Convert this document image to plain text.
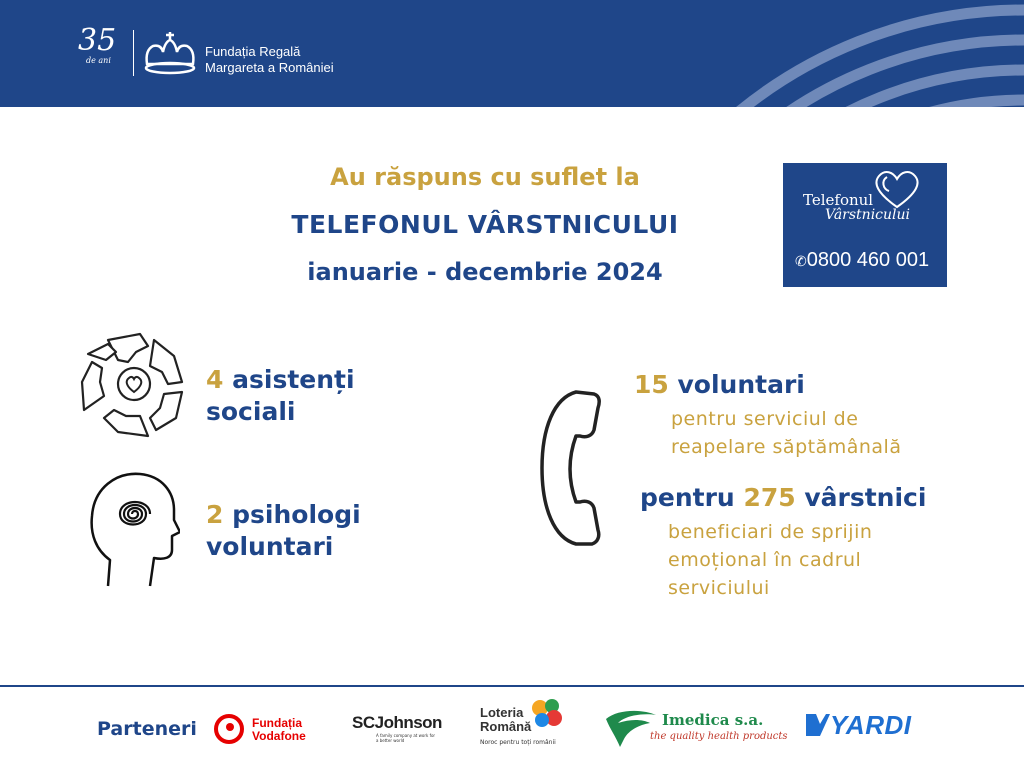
35
de ani
Fundația Regală
Margareta a României
Au răspuns cu suflet la
TELEFONUL VÂRSTNICULUI
ianuarie - decembrie 2024
Telefonul
Vârstnicului
✆0800 460 001
4 asistenți
sociali
2 psihologi
voluntari
15 voluntari
pentru serviciul de
reapelare săptămânală
pentru 275 vârstnici
beneficiari de sprijin
emoțional în cadrul
serviciului
Parteneri	Fundația
Vodafone
SCJohnson
A family company at work for a better world
Loteria
Română
Noroc pentru toți românii
Imedica s.a.
the quality health products YARDI
